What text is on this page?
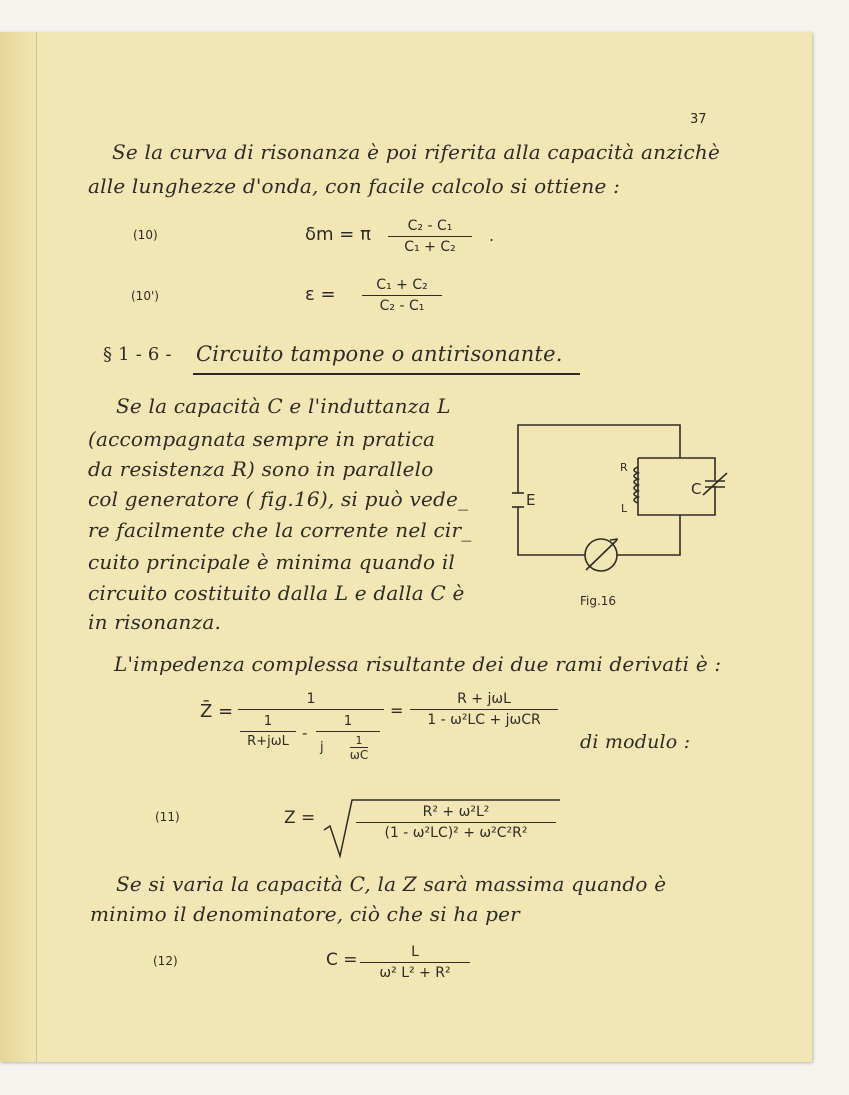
37
Se la curva di risonanza è poi riferita alla capacità anzichè
alle lunghezze d'onda, con facile calcolo si ottiene :
(10)	δm = π	C₂ - C₁
C₁ + C₂
.
(10')	ε =	C₁ + C₂
C₂ - C₁
§ 1 - 6 - Circuito tampone o antirisonante.
Se la capacità C e l'induttanza L
(accompagnata sempre in pratica
da resistenza R) sono in parallelo
col generatore ( fig.16), si può vede_
re facilmente che la corrente nel cir_
cuito principale è minima quando il
circuito costituito dalla L e dalla C è
in risonanza.
R
L
C
E
Fig.16
L'impedenza complessa risultante dei due rami derivati è :
Z̄ =
1
1
R+jωL -
1
j $\frac{1}{\omega C}$
=
R + jωL
1 - ω²LC + jωCR
di modulo :
(11)	Z =	R² + ω²L²
(1 - ω²LC)² + ω²C²R²
Se si varia la capacità C, la Z sarà massima quando è
minimo il denominatore, ciò che si ha per
(12)	C =	L
ω² L² + R²
